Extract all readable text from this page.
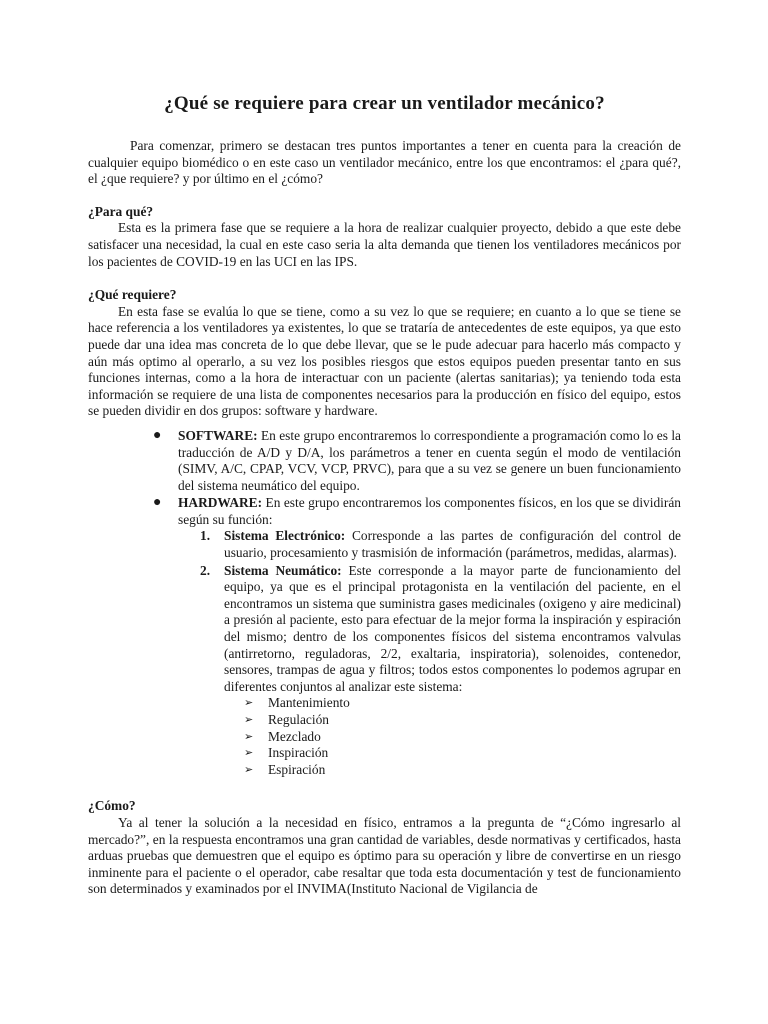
¿Qué se requiere para crear un ventilador mecánico?

Para comenzar, primero se destacan tres puntos importantes a tener en cuenta para la creación de cualquier equipo biomédico o en este caso un ventilador mecánico, entre los que encontramos: el ¿para qué?, el ¿que requiere? y por último en el ¿cómo?

¿Para qué?

Esta es la primera fase que se requiere a la hora de realizar cualquier proyecto, debido a que este debe satisfacer una necesidad, la cual en este caso seria la alta demanda que tienen los ventiladores mecánicos por los pacientes de COVID-19 en las UCI en las IPS.

¿Qué requiere?

En esta fase se evalúa lo que se tiene, como a su vez lo que se requiere; en cuanto a lo que se tiene se hace referencia a los ventiladores ya existentes, lo que se trataría de antecedentes de este equipos, ya que esto puede dar una idea mas concreta de lo que debe llevar, que se le pude adecuar para hacerlo más compacto y aún más optimo al operarlo, a su vez los posibles riesgos que estos equipos pueden presentar tanto en sus funciones internas, como a la hora de interactuar con un paciente (alertas sanitarias); ya teniendo toda esta información se requiere de una lista de componentes necesarios para la producción en físico del equipo, estos se pueden dividir en dos grupos: software y hardware.

● SOFTWARE: En este grupo encontraremos lo correspondiente a programación como lo es la traducción de A/D y D/A, los parámetros a tener en cuenta según el modo de ventilación (SIMV, A/C, CPAP, VCV, VCP, PRVC), para que a su vez se genere un buen funcionamiento del sistema neumático del equipo.
● HARDWARE: En este grupo encontraremos los componentes físicos, en los que se dividirán según su función:
1. Sistema Electrónico: Corresponde a las partes de configuración del control de usuario, procesamiento y trasmisión de información (parámetros, medidas, alarmas).
2. Sistema Neumático: Este corresponde a la mayor parte de funcionamiento del equipo, ya que es el principal protagonista en la ventilación del paciente, en el encontramos un sistema que suministra gases medicinales (oxigeno y aire medicinal) a presión al paciente, esto para efectuar de la mejor forma la inspiración y espiración del mismo; dentro de los componentes físicos del sistema encontramos valvulas (antirretorno, reguladoras, 2/2, exaltaria, inspiratoria), solenoides, contenedor, sensores, trampas de agua y filtros; todos estos componentes lo podemos agrupar en diferentes conjuntos al analizar este sistema:
➢ Mantenimiento
➢ Regulación
➢ Mezclado
➢ Inspiración
➢ Espiración
¿Cómo?

Ya al tener la solución a la necesidad en físico, entramos a la pregunta de “¿Cómo ingresarlo al mercado?”, en la respuesta encontramos una gran cantidad de variables, desde normativas y certificados, hasta arduas pruebas que demuestren que el equipo es óptimo para su operación y libre de convertirse en un riesgo inminente para el paciente o el operador, cabe resaltar que toda esta documentación y test de funcionamiento son determinados y examinados por el INVIMA(Instituto Nacional de Vigilancia de
